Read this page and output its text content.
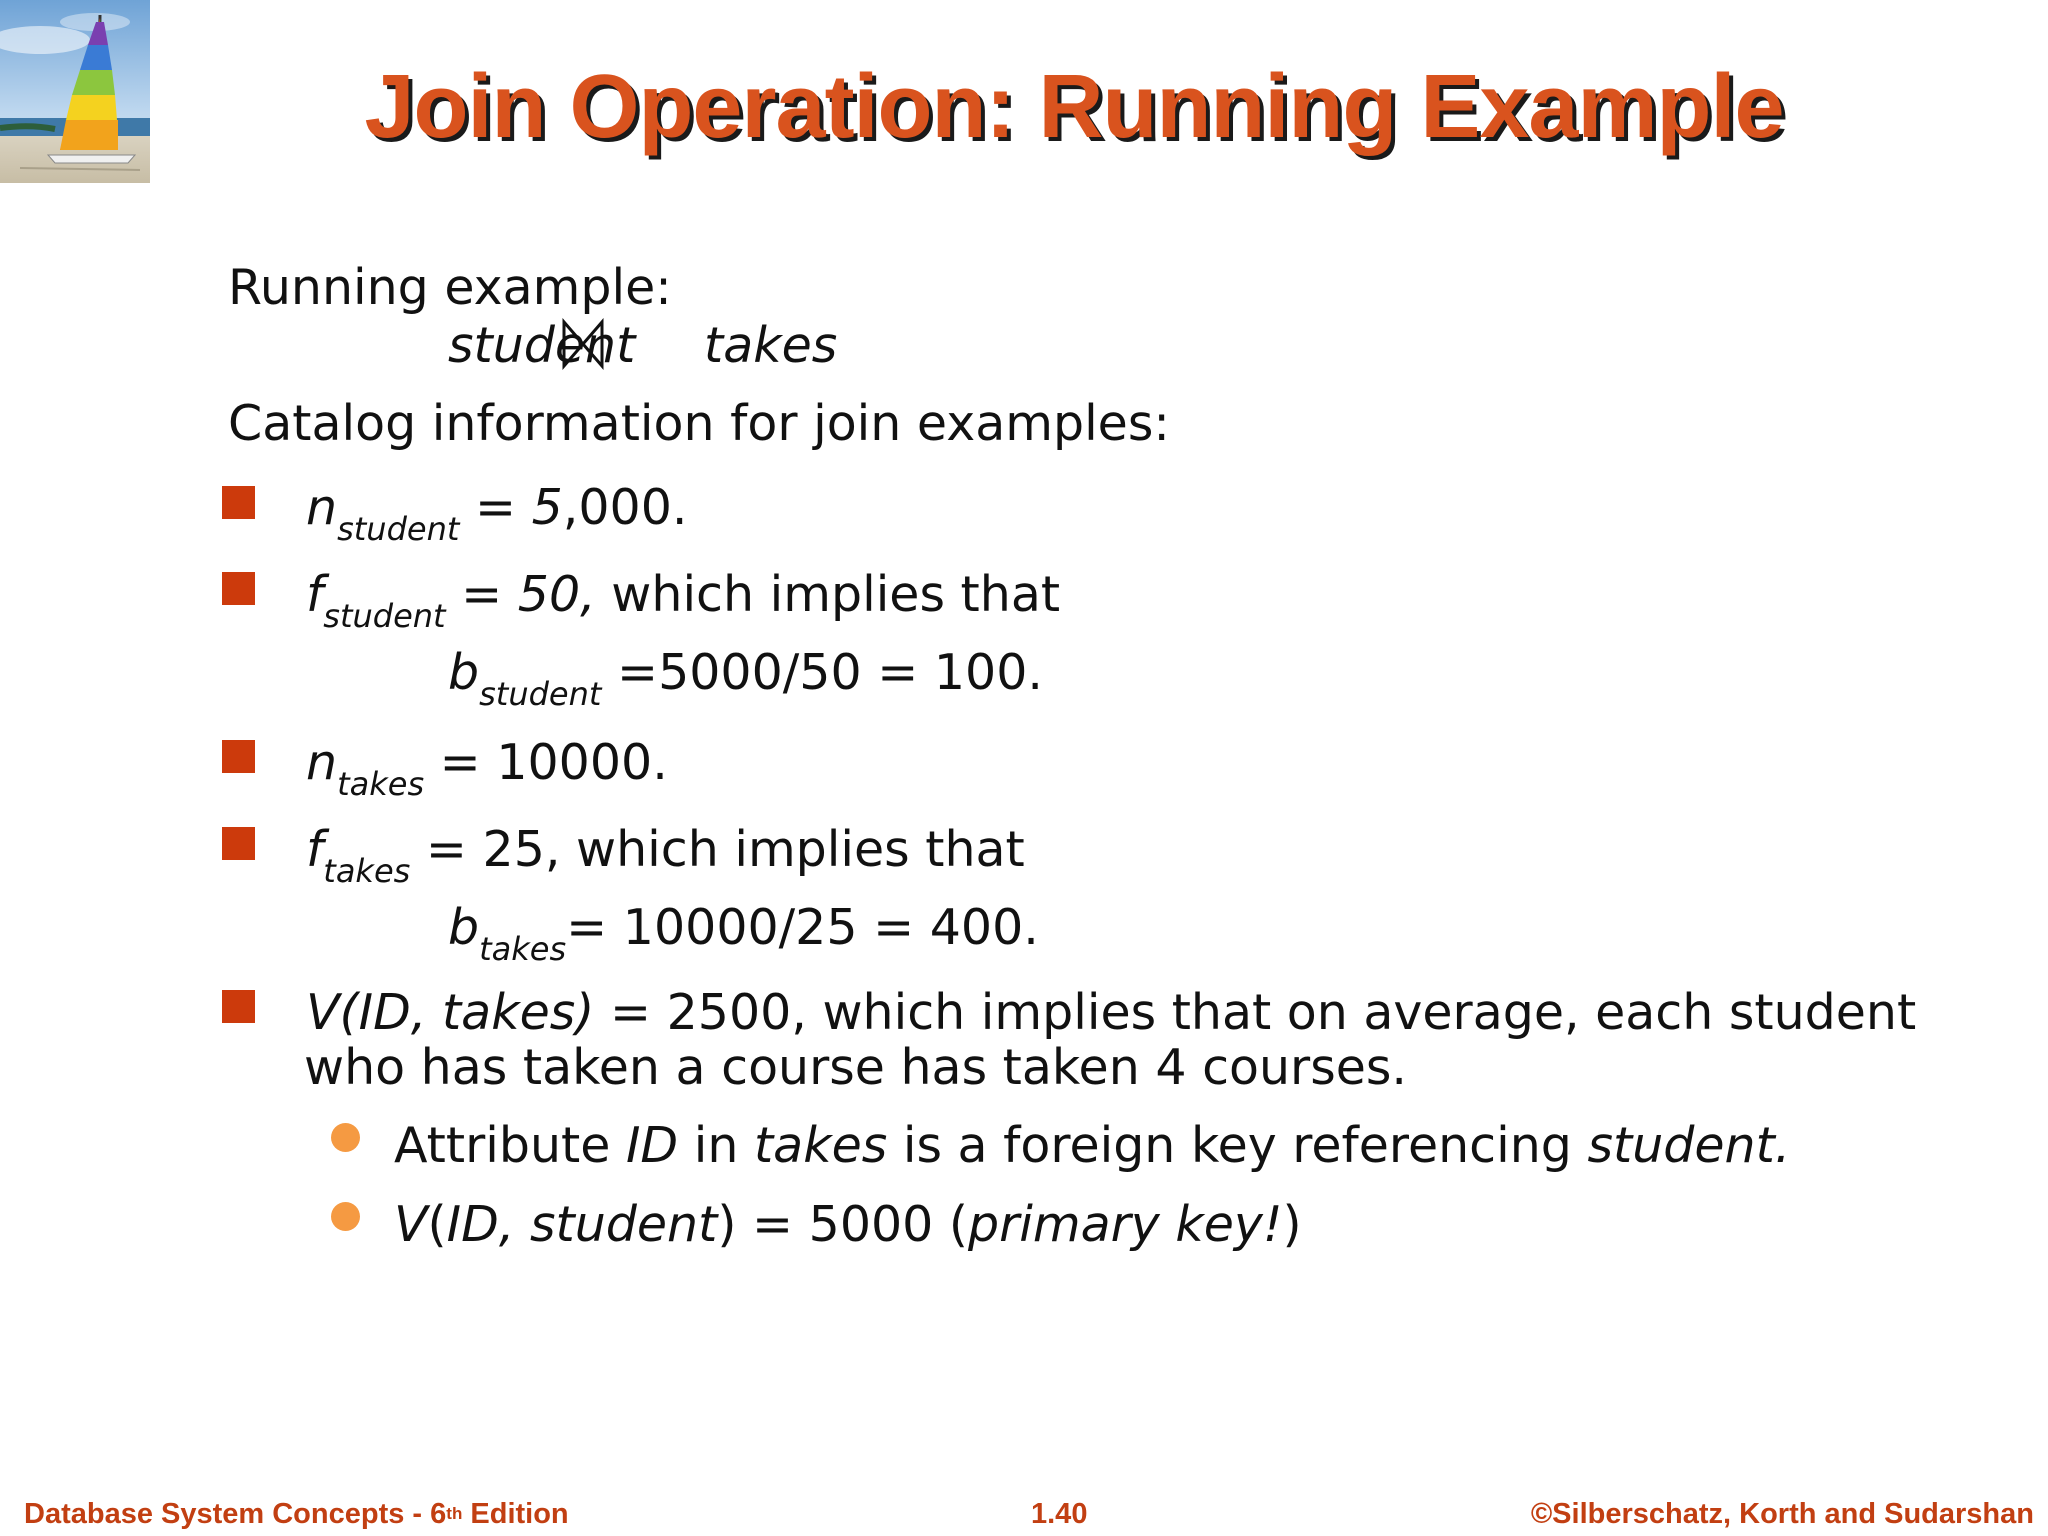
Join Operation: Running Example
Running example:
student takes
Catalog information for join examples:
$n_{student} = 5,000$.
$f_{student} = 50$, which implies that
$b_{student} =5000/50 = 100$.
$n_{takes} = 10000$.
$f_{takes} = 25$, which implies that
$b_{takes}= 10000/25 = 400$.
V(ID, takes) = 2500, which implies that on average, each student
who has taken a course has taken 4 courses.
Attribute ID in takes is a foreign key referencing student.
V(ID, student) = 5000 (primary key!)
Database System Concepts - 6th Edition	1.40	©Silberschatz, Korth and Sudarshan
